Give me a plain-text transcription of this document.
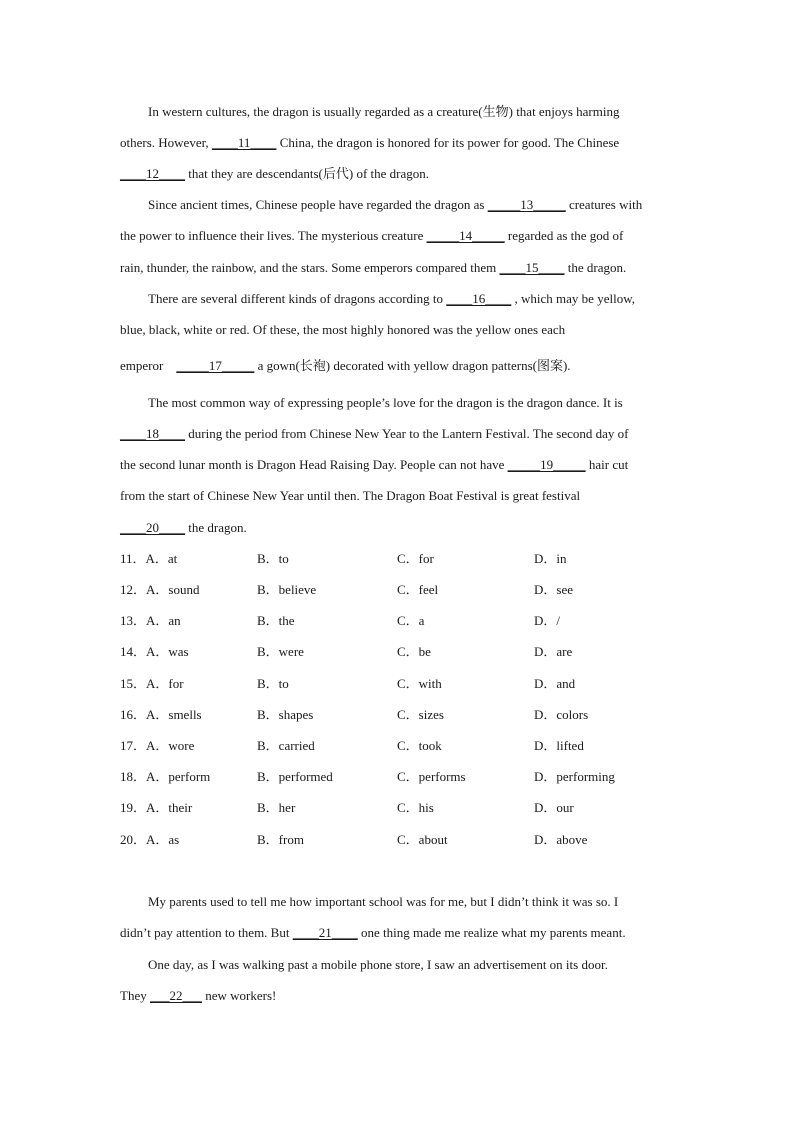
In western cultures, the dragon is usually regarded as a creature(生物) that enjoys harming
others. However, ____11____ China, the dragon is honored for its power for good. The Chinese
____12____ that they are descendants(后代) of the dragon.
Since ancient times, Chinese people have regarded the dragon as _____13_____ creatures with
the power to influence their lives. The mysterious creature _____14_____ regarded as the god of
rain, thunder, the rainbow, and the stars. Some emperors compared them ____15____ the dragon.
There are several different kinds of dragons according to ____16____ , which may be yellow,
blue, black, white or red. Of these, the most highly honored was the yellow ones each
emperor    _____17_____ a gown(长袍) decorated with yellow dragon patterns(图案).
The most common way of expressing people’s love for the dragon is the dragon dance. It is
____18____ during the period from Chinese New Year to the Lantern Festival. The second day of
the second lunar month is Dragon Head Raising Day. People can not have _____19_____ hair cut
from the start of Chinese New Year until then. The Dragon Boat Festival is great festival
____20____ the dragon.
11．A．at	B．to	C．for	D．in
12．A．sound	B．believe	C．feel	D．see
13．A．an	B．the	C．a	D．/
14．A．was	B．were	C．be	D．are
15．A．for	B．to	C．with	D．and
16．A．smells	B．shapes	C．sizes	D．colors
17．A．wore	B．carried	C．took	D．lifted
18．A．perform	B．performed	C．performs	D．performing
19．A．their	B．her	C．his	D．our
20．A．as	B．from	C．about	D．above
My parents used to tell me how important school was for me, but I didn’t think it was so. I
didn’t pay attention to them. But ____21____ one thing made me realize what my parents meant.
One day, as I was walking past a mobile phone store, I saw an advertisement on its door.
They ___22___ new workers!
